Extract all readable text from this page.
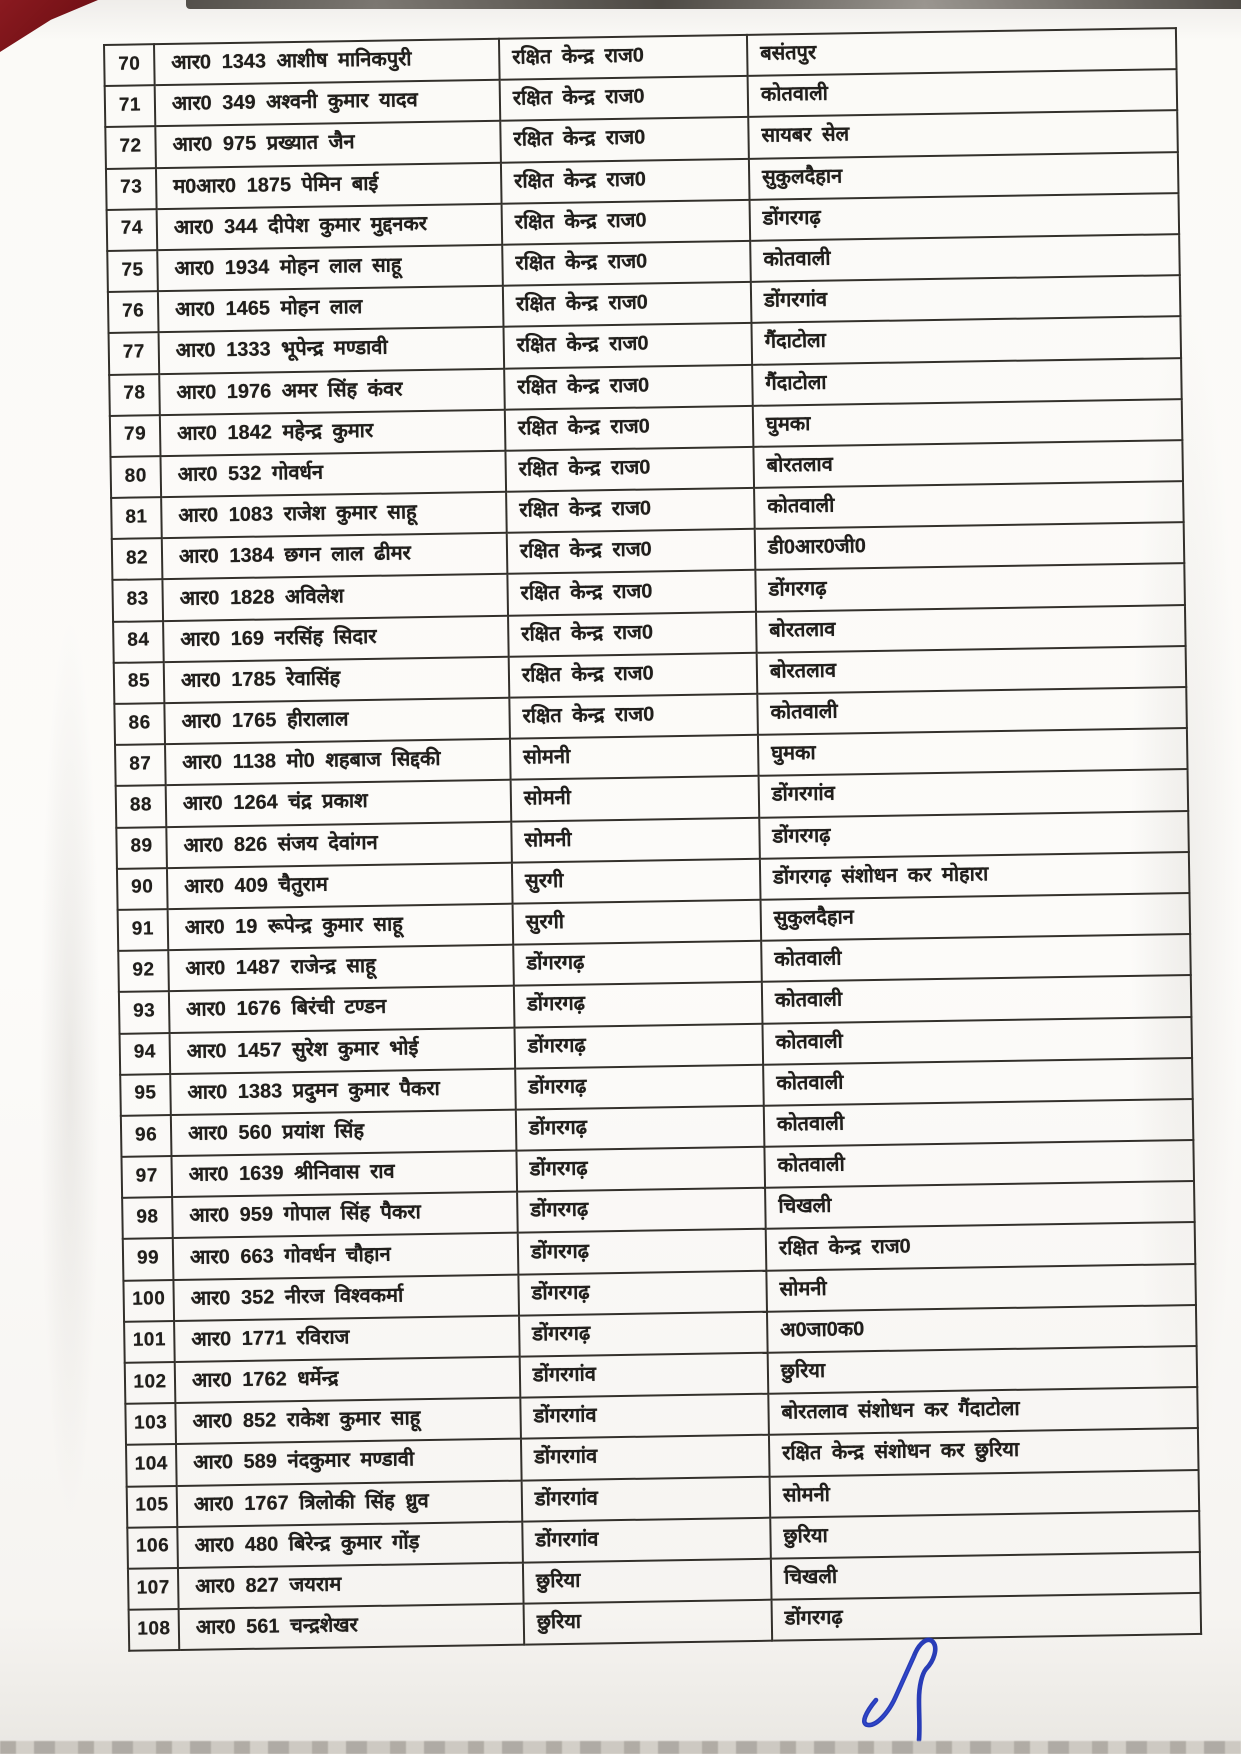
70	आर0 1343 आशीष मानिकपुरी	रक्षित केन्द्र राज0	बसंतपुर
71	आर0 349 अश्वनी कुमार यादव	रक्षित केन्द्र राज0	कोतवाली
72	आर0 975 प्रख्यात जैन	रक्षित केन्द्र राज0	सायबर सेल
73	म0आर0 1875 पेमिन बाई	रक्षित केन्द्र राज0	सुकुलदैहान
74	आर0 344 दीपेश कुमार मुद्दनकर	रक्षित केन्द्र राज0	डोंगरगढ़
75	आर0 1934 मोहन लाल साहू	रक्षित केन्द्र राज0	कोतवाली
76	आर0 1465 मोहन लाल	रक्षित केन्द्र राज0	डोंगरगांव
77	आर0 1333 भूपेन्द्र मण्डावी	रक्षित केन्द्र राज0	गैंदाटोला
78	आर0 1976 अमर सिंह कंवर	रक्षित केन्द्र राज0	गैंदाटोला
79	आर0 1842 महेन्द्र कुमार	रक्षित केन्द्र राज0	घुमका
80	आर0 532 गोवर्धन	रक्षित केन्द्र राज0	बोरतलाव
81	आर0 1083 राजेश कुमार साहू	रक्षित केन्द्र राज0	कोतवाली
82	आर0 1384 छगन लाल ढीमर	रक्षित केन्द्र राज0	डी0आर0जी0
83	आर0 1828 अविलेश	रक्षित केन्द्र राज0	डोंगरगढ़
84	आर0 169 नरसिंह सिदार	रक्षित केन्द्र राज0	बोरतलाव
85	आर0 1785 रेवासिंह	रक्षित केन्द्र राज0	बोरतलाव
86	आर0 1765 हीरालाल	रक्षित केन्द्र राज0	कोतवाली
87	आर0 1138 मो0 शहबाज सिद्दकी	सोमनी	घुमका
88	आर0 1264 चंद्र प्रकाश	सोमनी	डोंगरगांव
89	आर0 826 संजय देवांगन	सोमनी	डोंगरगढ़
90	आर0 409 चैतुराम	सुरगी	डोंगरगढ़ संशोधन कर मोहारा
91	आर0 19 रूपेन्द्र कुमार साहू	सुरगी	सुकुलदैहान
92	आर0 1487 राजेन्द्र साहू	डोंगरगढ़	कोतवाली
93	आर0 1676 बिरंची टण्डन	डोंगरगढ़	कोतवाली
94	आर0 1457 सुरेश कुमार भोई	डोंगरगढ़	कोतवाली
95	आर0 1383 प्रदुमन कुमार पैकरा	डोंगरगढ़	कोतवाली
96	आर0 560 प्रयांश सिंह	डोंगरगढ़	कोतवाली
97	आर0 1639 श्रीनिवास राव	डोंगरगढ़	कोतवाली
98	आर0 959 गोपाल सिंह पैकरा	डोंगरगढ़	चिखली
99	आर0 663 गोवर्धन चौहान	डोंगरगढ़	रक्षित केन्द्र राज0
100	आर0 352 नीरज विश्वकर्मा	डोंगरगढ़	सोमनी
101	आर0 1771 रविराज	डोंगरगढ़	अ0जा0क0
102	आर0 1762 धर्मेन्द्र	डोंगरगांव	छुरिया
103	आर0 852 राकेश कुमार साहू	डोंगरगांव	बोरतलाव संशोधन कर गैंदाटोला
104	आर0 589 नंदकुमार मण्डावी	डोंगरगांव	रक्षित केन्द्र संशोधन कर छुरिया
105	आर0 1767 त्रिलोकी सिंह ध्रुव	डोंगरगांव	सोमनी
106	आर0 480 बिरेन्द्र कुमार गोंड़	डोंगरगांव	छुरिया
107	आर0 827 जयराम	छुरिया	चिखली
108	आर0 561 चन्द्रशेखर	छुरिया	डोंगरगढ़
